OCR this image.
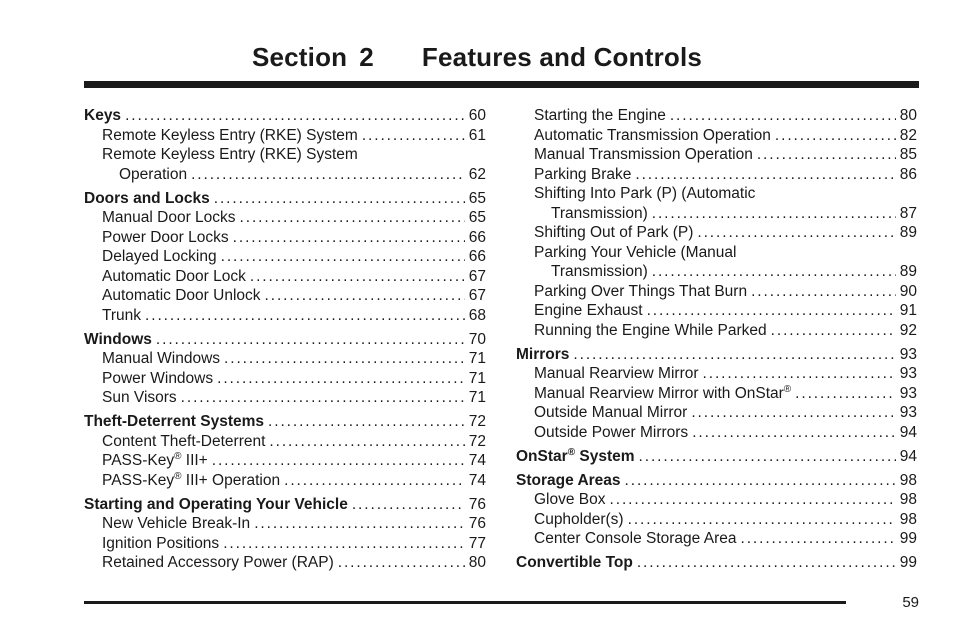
Section 2 Features and Controls
Keys . . .	60
Remote Keyless Entry (RKE) System . . .	61
Remote Keyless Entry (RKE) System
Operation . . .	62
Doors and Locks . . .	65
Manual Door Locks . . .	65
Power Door Locks . . .	66
Delayed Locking . . .	66
Automatic Door Lock . . .	67
Automatic Door Unlock . . .	67
Trunk . . .	68
Windows . . .	70
Manual Windows . . .	71
Power Windows . . .	71
Sun Visors . . .	71
Theft-Deterrent Systems . . .	72
Content Theft-Deterrent . . .	72
PASS-Key® III+ . . .	74
PASS-Key® III+ Operation . . .	74
Starting and Operating Your Vehicle . . .	76
New Vehicle Break-In . . .	76
Ignition Positions . . .	77
Retained Accessory Power (RAP) . . .	80
Starting the Engine . . .	80
Automatic Transmission Operation . . .	82
Manual Transmission Operation . . .	85
Parking Brake . . .	86
Shifting Into Park (P) (Automatic
Transmission) . . .	87
Shifting Out of Park (P) . . .	89
Parking Your Vehicle (Manual
Transmission) . . .	89
Parking Over Things That Burn . . .	90
Engine Exhaust . . .	91
Running the Engine While Parked . . .	92
Mirrors . . .	93
Manual Rearview Mirror . . .	93
Manual Rearview Mirror with OnStar® . . .	93
Outside Manual Mirror . . .	93
Outside Power Mirrors . . .	94
OnStar® System . . .	94
Storage Areas . . .	98
Glove Box . . .	98
Cupholder(s) . . .	98
Center Console Storage Area . . .	99
Convertible Top . . .	99
59
